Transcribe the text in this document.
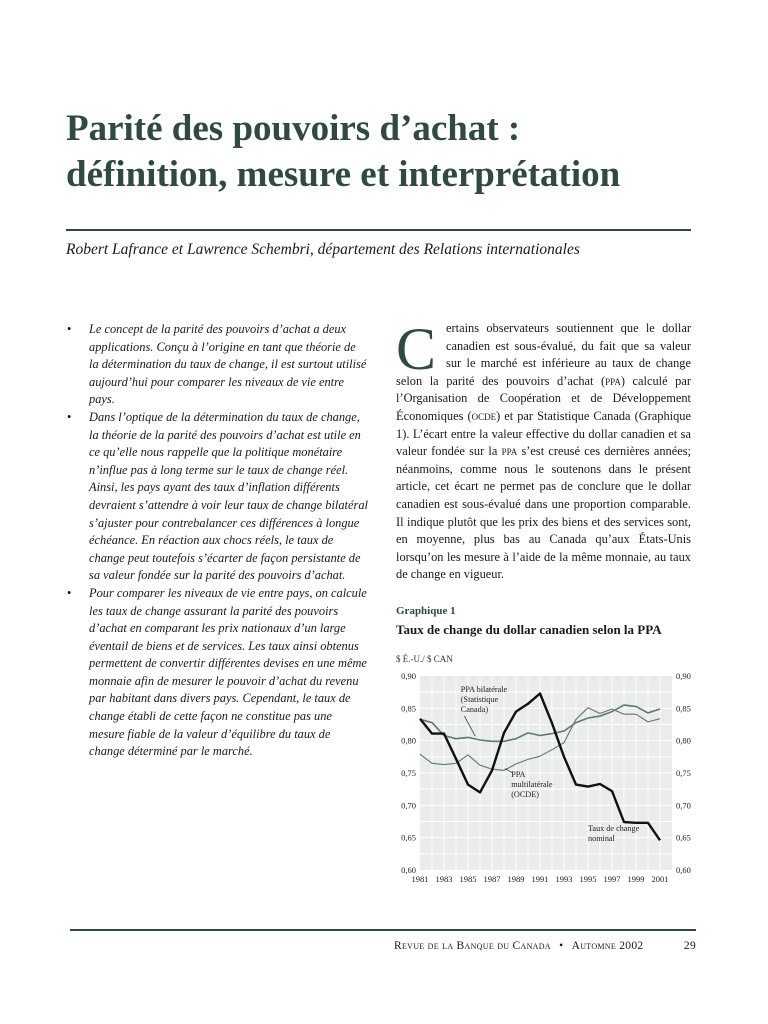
Parité des pouvoirs d’achat :
définition, mesure et interprétation
Robert Lafrance et Lawrence Schembri, département des Relations internationales
• Le concept de la parité des pouvoirs d’achat a deux applications. Conçu à l’origine en tant que théorie de la détermination du taux de change, il est surtout utilisé aujourd’hui pour comparer les niveaux de vie entre pays.
• Dans l’optique de la détermination du taux de change, la théorie de la parité des pouvoirs d’achat est utile en ce qu’elle nous rappelle que la politique monétaire n’influe pas à long terme sur le taux de change réel. Ainsi, les pays ayant des taux d’inflation différents devraient s’attendre à voir leur taux de change bilatéral s’ajuster pour contrebalancer ces différences à longue échéance. En réaction aux chocs réels, le taux de change peut toutefois s’écarter de façon persistante de sa valeur fondée sur la parité des pouvoirs d’achat.
• Pour comparer les niveaux de vie entre pays, on calcule les taux de change assurant la parité des pouvoirs d’achat en comparant les prix nationaux d’un large éventail de biens et de services. Les taux ainsi obtenus permettent de convertir différentes devises en une même monnaie afin de mesurer le pouvoir d’achat du revenu par habitant dans divers pays. Cependant, le taux de change établi de cette façon ne constitue pas une mesure fiable de la valeur d’équilibre du taux de change déterminé par le marché.

Certains observateurs soutiennent que le dollar canadien est sous-évalué, du fait que sa valeur sur le marché est inférieure au taux de change selon la parité des pouvoirs d’achat (ppa) calculé par l’Organisation de Coopération et de Développement Économiques (ocde) et par Statistique Canada (Graphique 1). L’écart entre la valeur effective du dollar canadien et sa valeur fondée sur la ppa s’est creusé ces dernières années; néanmoins, comme nous le soutenons dans le présent article, cet écart ne permet pas de conclure que le dollar canadien est sous-évalué dans une proportion comparable. Il indique plutôt que les prix des biens et des services sont, en moyenne, plus bas au Canada qu’aux États-Unis lorsqu’on les mesure à l’aide de la même monnaie, au taux de change en vigueur.

Graphique 1
Taux de change du dollar canadien selon la PPA
$ É.-U./ $ CAN
0,60	0,60
0,65	0,65
0,70	0,70
0,75	0,75
0,80	0,80
0,85	0,85
0,90	0,90
1981 1983 1985 1987 1989 1991 1993 1995 1997 1999 2001
PPA bilatérale
(Statistique
Canada)
PPA
multilatérale
(OCDE)
Taux de change
nominal
Revue de la Banque du Canada • Automne 2002	29
